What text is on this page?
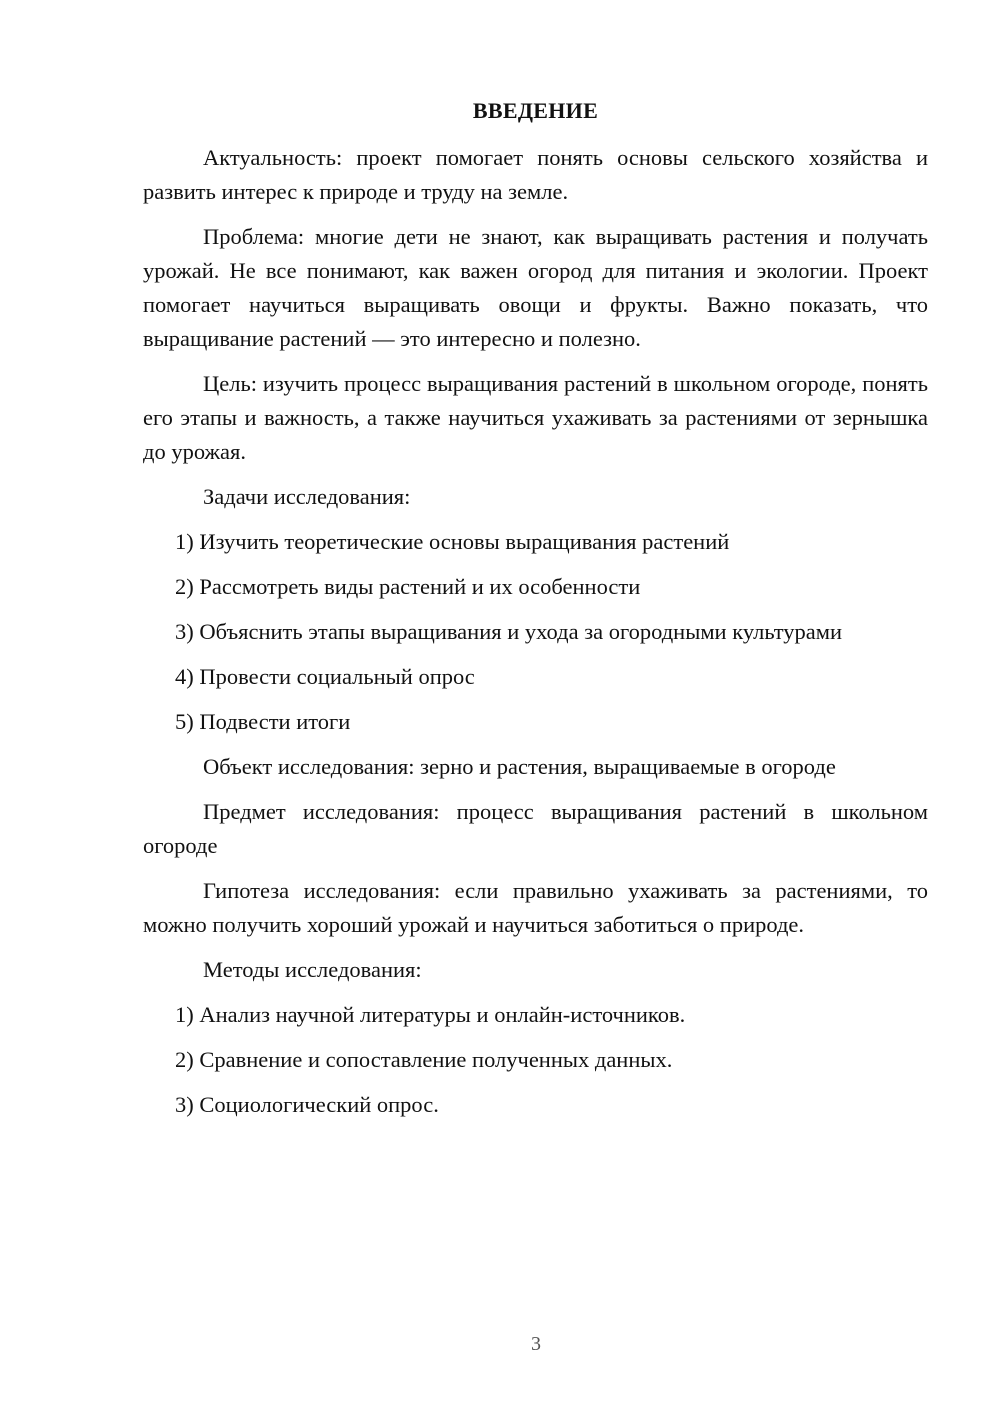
ВВЕДЕНИЕ

Актуальность: проект помогает понять основы сельского хозяйства и развить интерес к природе и труду на земле.

Проблема: многие дети не знают, как выращивать растения и получать урожай. Не все понимают, как важен огород для питания и экологии. Проект помогает научиться выращивать овощи и фрукты. Важно показать, что выращивание растений — это интересно и полезно.

Цель: изучить процесс выращивания растений в школьном огороде, понять его этапы и важность, а также научиться ухаживать за растениями от зернышка до урожая.

Задачи исследования:

1) Изучить теоретические основы выращивания растений

2) Рассмотреть виды растений и их особенности

3) Объяснить этапы выращивания и ухода за огородными культурами

4) Провести социальный опрос

5) Подвести итоги

Объект исследования: зерно и растения, выращиваемые в огороде

Предмет исследования: процесс выращивания растений в школьном огороде

Гипотеза исследования: если правильно ухаживать за растениями, то можно получить хороший урожай и научиться заботиться о природе.

Методы исследования:

1) Анализ научной литературы и онлайн-источников.

2) Сравнение и сопоставление полученных данных.

3) Социологический опрос.

3
